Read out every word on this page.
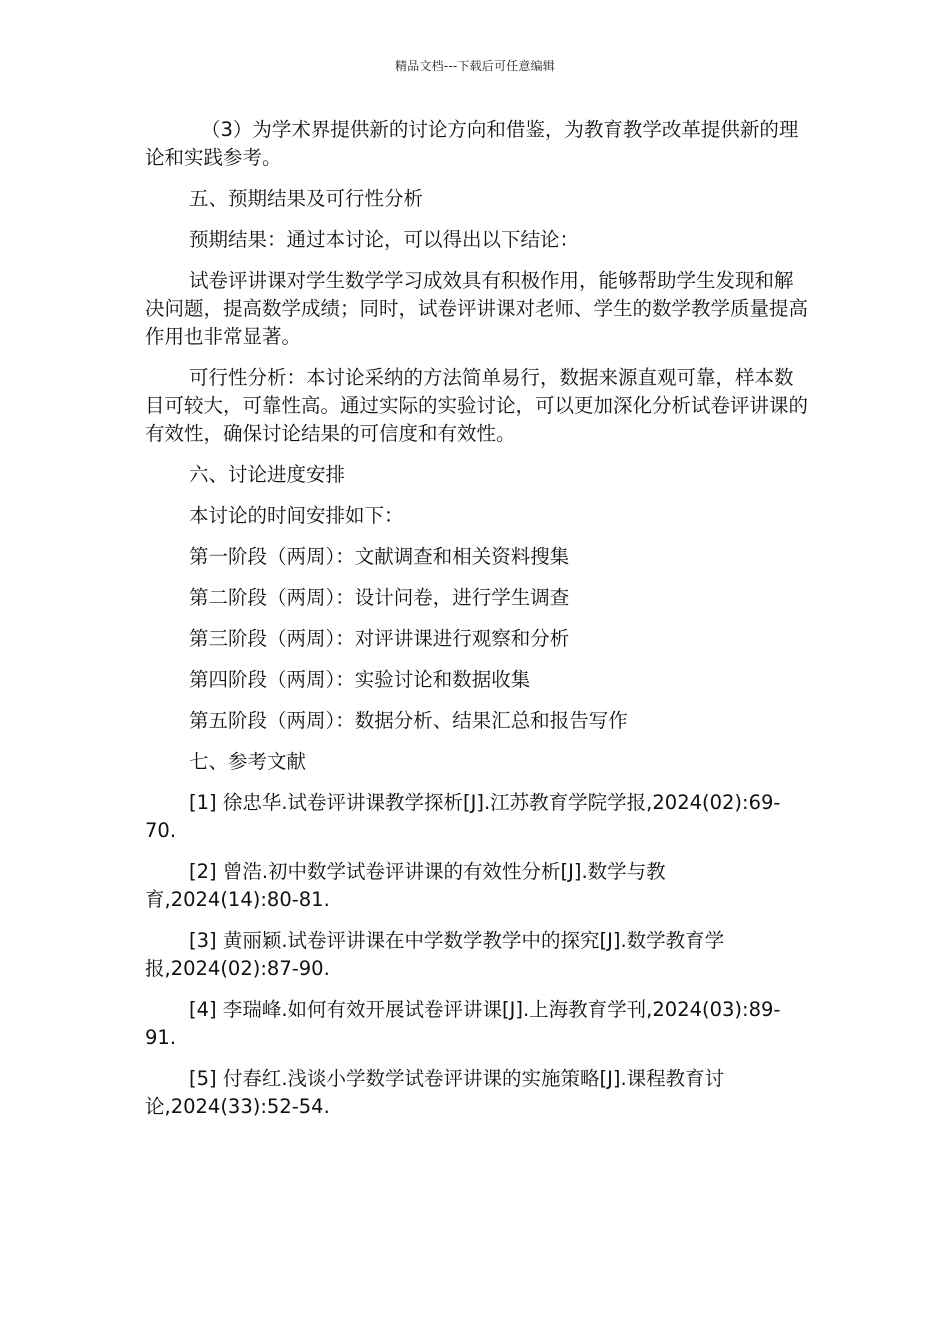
精品文档---下载后可任意编辑

（3）为学术界提供新的讨论方向和借鉴，为教育教学改革提供新的理论和实践参考。

五、预期结果及可行性分析

预期结果：通过本讨论，可以得出以下结论：

试卷评讲课对学生数学学习成效具有积极作用，能够帮助学生发现和解决问题，提高数学成绩；同时，试卷评讲课对老师、学生的数学教学质量提高作用也非常显著。

可行性分析：本讨论采纳的方法简单易行，数据来源直观可靠，样本数目可较大，可靠性高。通过实际的实验讨论，可以更加深化分析试卷评讲课的有效性，确保讨论结果的可信度和有效性。

六、讨论进度安排

本讨论的时间安排如下：

第一阶段（两周）：文献调查和相关资料搜集

第二阶段（两周）：设计问卷，进行学生调查

第三阶段（两周）：对评讲课进行观察和分析

第四阶段（两周）：实验讨论和数据收集

第五阶段（两周）：数据分析、结果汇总和报告写作

七、参考文献

[1] 徐忠华.试卷评讲课教学探析[J].江苏教育学院学报,2024(02):69-70.

[2] 曾浩.初中数学试卷评讲课的有效性分析[J].数学与教育,2024(14):80-81.

[3] 黄丽颖.试卷评讲课在中学数学教学中的探究[J].数学教育学报,2024(02):87-90.

[4] 李瑞峰.如何有效开展试卷评讲课[J].上海教育学刊,2024(03):89-91.

[5] 付春红.浅谈小学数学试卷评讲课的实施策略[J].课程教育讨论,2024(33):52-54.
